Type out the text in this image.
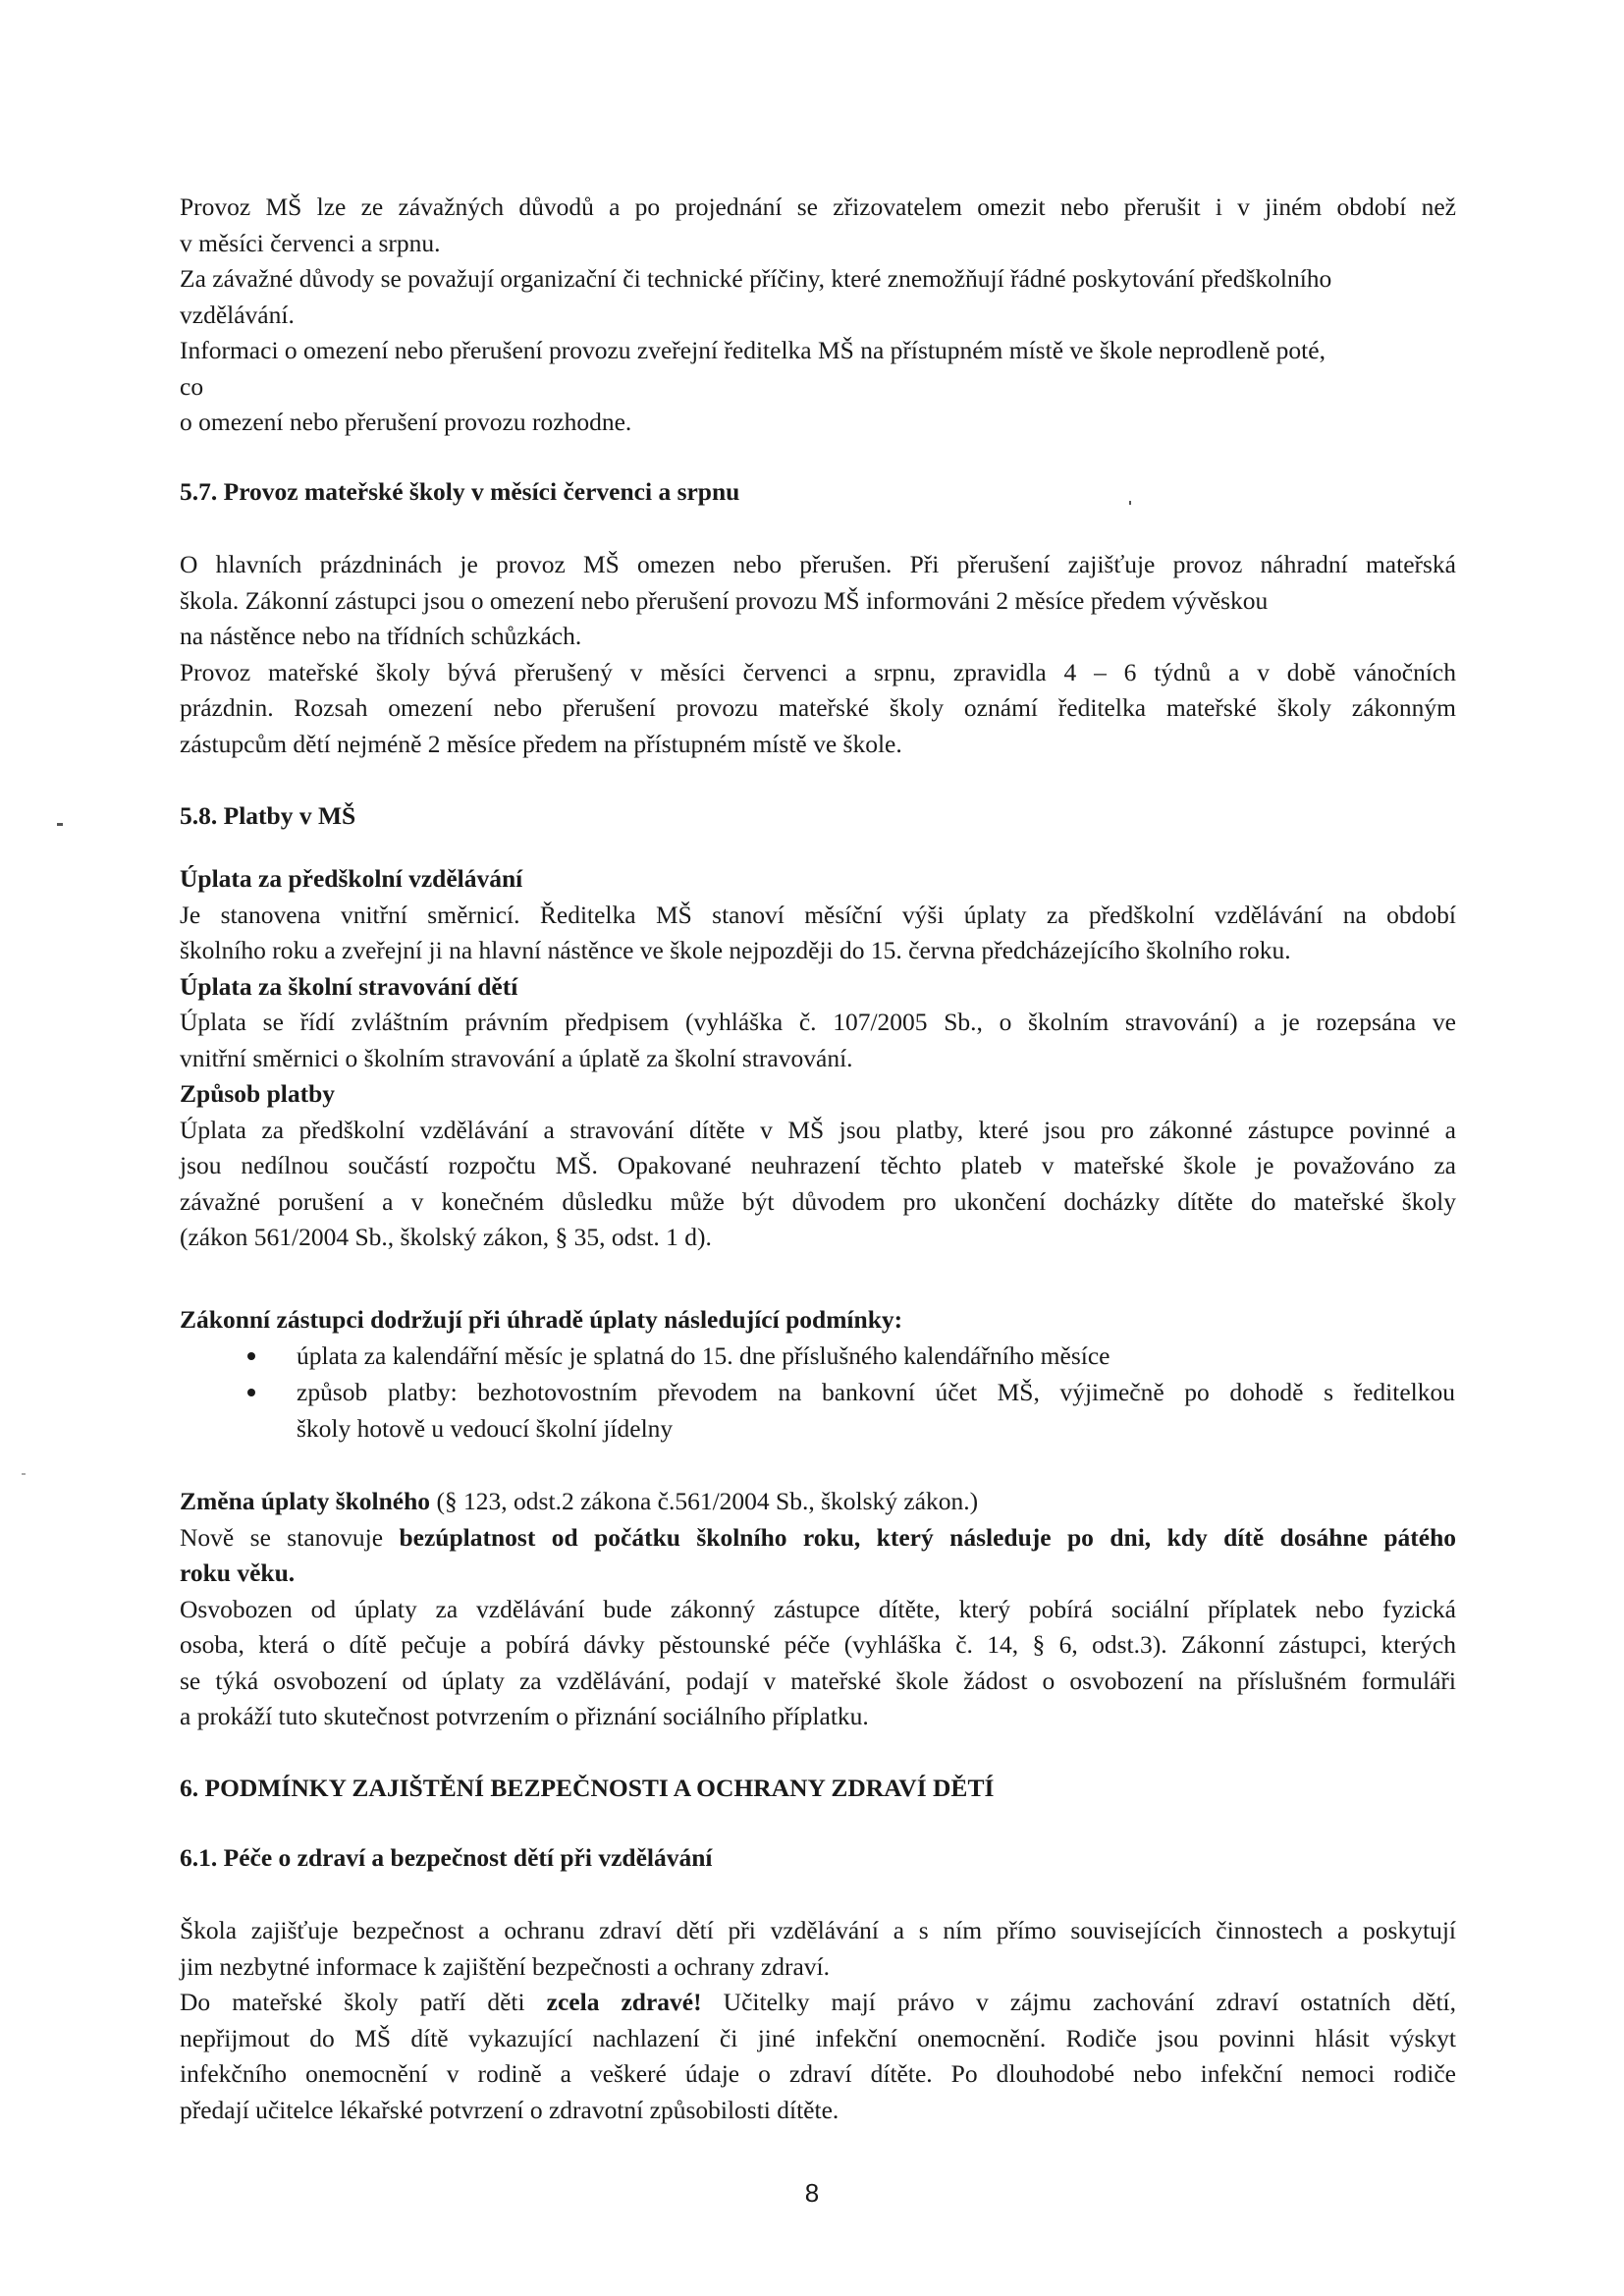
Provoz MŠ lze ze závažných důvodů a po projednání se zřizovatelem omezit nebo přerušit i v jiném období než
v měsíci červenci a srpnu.
Za závažné důvody se považují organizační či technické příčiny, které znemožňují řádné poskytování předškolního
vzdělávání.
Informaci o omezení nebo přerušení provozu zveřejní ředitelka MŠ na přístupném místě ve škole neprodleně poté,
co
o omezení nebo přerušení provozu rozhodne.
5.7. Provoz mateřské školy v měsíci červenci a srpnu
O hlavních prázdninách je provoz MŠ omezen nebo přerušen. Při přerušení zajišťuje provoz náhradní mateřská
škola. Zákonní zástupci jsou o omezení nebo přerušení provozu MŠ informováni 2 měsíce předem vývěskou
na nástěnce nebo na třídních schůzkách.
Provoz mateřské školy bývá přerušený v měsíci červenci a srpnu, zpravidla 4 – 6 týdnů a v době vánočních
prázdnin. Rozsah omezení nebo přerušení provozu mateřské školy oznámí ředitelka mateřské školy zákonným
zástupcům dětí nejméně 2 měsíce předem na přístupném místě ve škole.
5.8. Platby v MŠ
Úplata za předškolní vzdělávání
Je stanovena vnitřní směrnicí. Ředitelka MŠ stanoví měsíční výši úplaty za předškolní vzdělávání na období
školního roku a zveřejní ji na hlavní nástěnce ve škole nejpozději do 15. června předcházejícího školního roku.
Úplata za školní stravování dětí
Úplata se řídí zvláštním právním předpisem (vyhláška č. 107/2005 Sb., o školním stravování) a je rozepsána ve
vnitřní směrnici o školním stravování a úplatě za školní stravování.
Způsob platby
Úplata za předškolní vzdělávání a stravování dítěte v MŠ jsou platby, které jsou pro zákonné zástupce povinné a
jsou nedílnou součástí rozpočtu MŠ. Opakované neuhrazení těchto plateb v mateřské škole je považováno za
závažné porušení a v konečném důsledku může být důvodem pro ukončení docházky dítěte do mateřské školy
(zákon 561/2004 Sb., školský zákon, § 35, odst. 1 d).
Zákonní zástupci dodržují při úhradě úplaty následující podmínky:
úplata za kalendářní měsíc je splatná do 15. dne příslušného kalendářního měsíce
způsob platby: bezhotovostním převodem na bankovní účet MŠ, výjimečně po dohodě s ředitelkou
školy hotově u vedoucí školní jídelny
Změna úplaty školného (§ 123, odst.2 zákona č.561/2004 Sb., školský zákon.)
Nově se stanovuje bezúplatnost od počátku školního roku, který následuje po dni, kdy dítě dosáhne pátého
roku věku.
Osvobozen od úplaty za vzdělávání bude zákonný zástupce dítěte, který pobírá sociální příplatek nebo fyzická
osoba, která o dítě pečuje a pobírá dávky pěstounské péče (vyhláška č. 14, § 6, odst.3). Zákonní zástupci, kterých
se týká osvobození od úplaty za vzdělávání, podají v mateřské škole žádost o osvobození na příslušném formuláři
a prokáží tuto skutečnost potvrzením o přiznání sociálního příplatku.
6. PODMÍNKY ZAJIŠTĚNÍ BEZPEČNOSTI A OCHRANY ZDRAVÍ DĚTÍ
6.1. Péče o zdraví a bezpečnost dětí při vzdělávání
Škola zajišťuje bezpečnost a ochranu zdraví dětí při vzdělávání a s ním přímo souvisejících činnostech a poskytují
jim nezbytné informace k zajištění bezpečnosti a ochrany zdraví.
Do mateřské školy patří děti zcela zdravé! Učitelky mají právo v zájmu zachování zdraví ostatních dětí,
nepřijmout do MŠ dítě vykazující nachlazení či jiné infekční onemocnění. Rodiče jsou povinni hlásit výskyt
infekčního onemocnění v rodině a veškeré údaje o zdraví dítěte. Po dlouhodobé nebo infekční nemoci rodiče
předají učitelce lékařské potvrzení o zdravotní způsobilosti dítěte.
8
